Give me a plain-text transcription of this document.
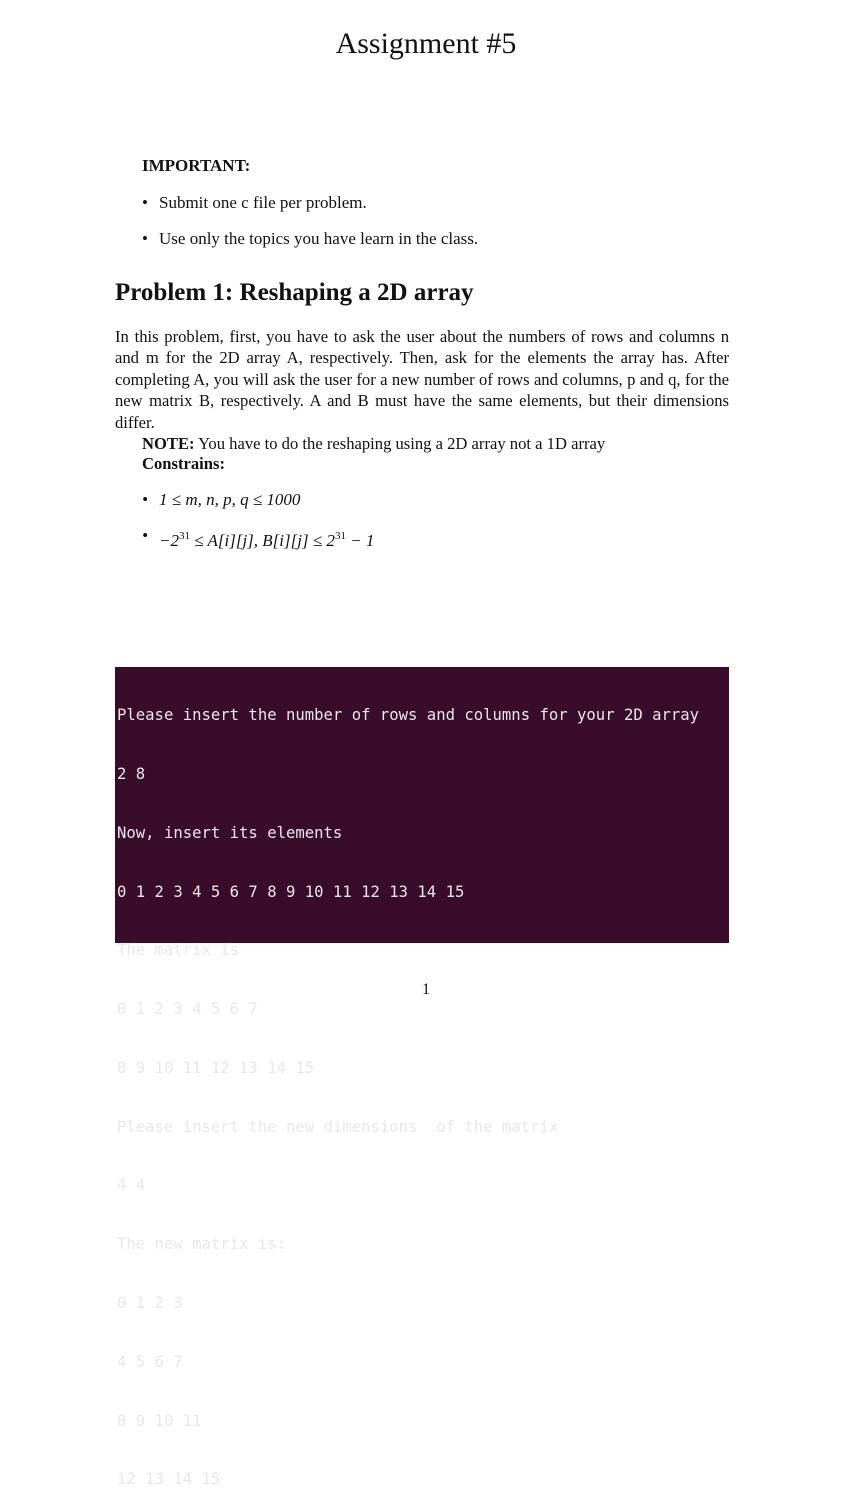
Assignment #5
IMPORTANT:
• Submit one c file per problem.
• Use only the topics you have learn in the class.
Problem 1: Reshaping a 2D array

In this problem, first, you have to ask the user about the numbers of rows and columns n and m for the 2D array A, respectively. Then, ask for the elements the array has. After completing A, you will ask the user for a new number of rows and columns, p and q, for the new matrix B, respectively. A and B must have the same elements, but their dimensions differ.

NOTE: You have to do the reshaping using a 2D array not a 1D array
Constrains:
• 1 ≤ m, n, p, q ≤ 1000
• $-2^{31} \le A[i][j]$, $B[i][j] \le 2^{31} - 1$

Please insert the number of rows and columns for your 2D array

2 8

Now, insert its elements

0 1 2 3 4 5 6 7 8 9 10 11 12 13 14 15

The matrix is

0 1 2 3 4 5 6 7

8 9 10 11 12 13 14 15

Please insert the new dimensions  of the matrix

4 4

The new matrix is:

0 1 2 3

4 5 6 7

8 9 10 11

12 13 14 15

1
